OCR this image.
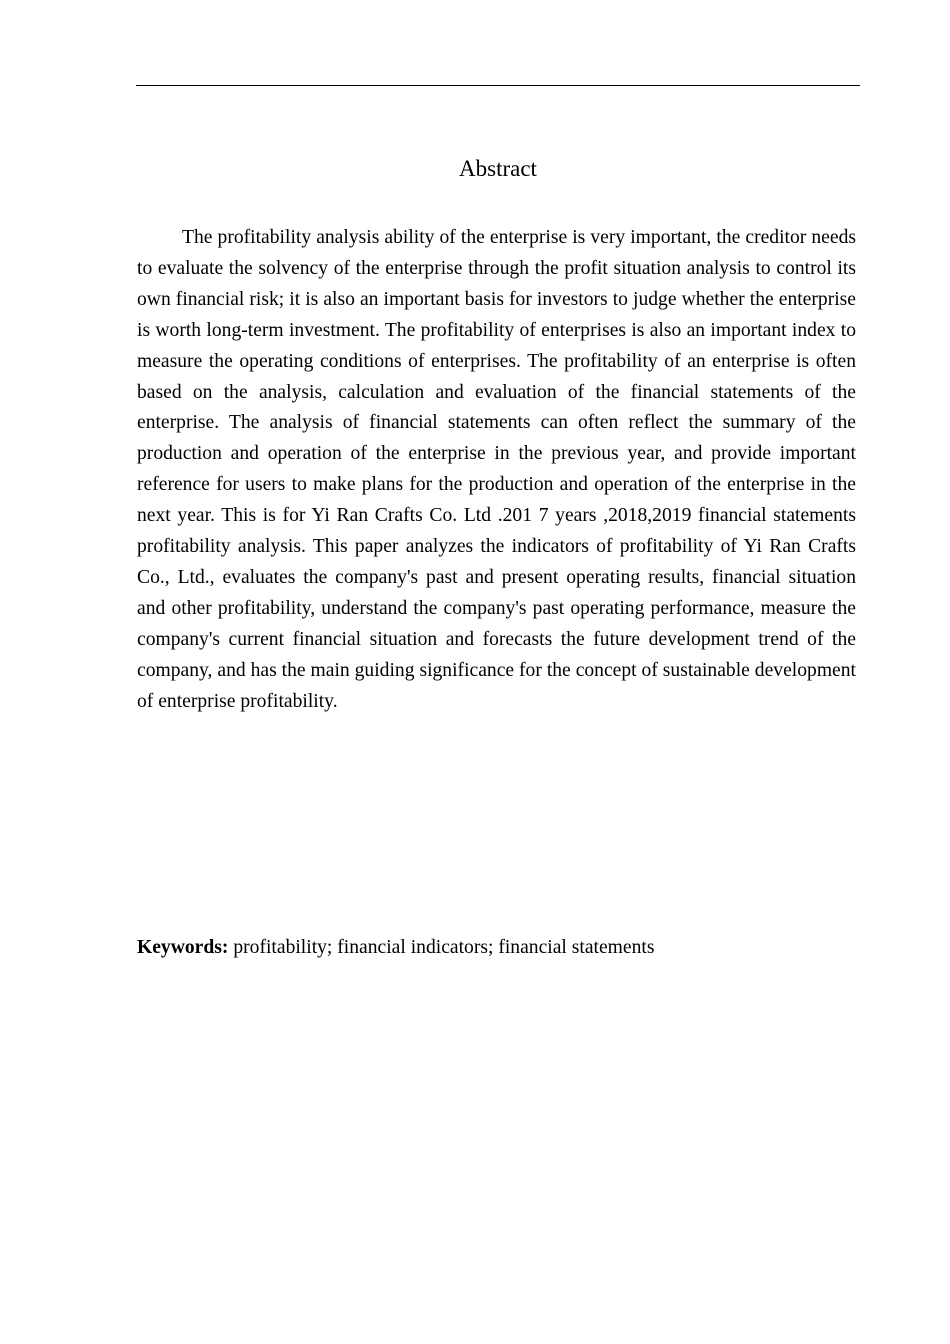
Abstract

The profitability analysis ability of the enterprise is very important, the creditor needs to evaluate the solvency of the enterprise through the profit situation analysis to control its own financial risk; it is also an important basis for investors to judge whether the enterprise is worth long-term investment. The profitability of enterprises is also an important index to measure the operating conditions of enterprises. The profitability of an enterprise is often based on the analysis, calculation and evaluation of the financial statements of the enterprise. The analysis of financial statements can often reflect the summary of the production and operation of the enterprise in the previous year, and provide important reference for users to make plans for the production and operation of the enterprise in the next year. This is for Yi Ran Crafts Co. Ltd .201 7 years ,2018,2019 financial statements profitability analysis. This paper analyzes the indicators of profitability of Yi Ran Crafts Co., Ltd., evaluates the company's past and present operating results, financial situation and other profitability, understand the company's past operating performance, measure the company's current financial situation and forecasts the future development trend of the company, and has the main guiding significance for the concept of sustainable development of enterprise profitability.

Keywords: profitability; financial indicators; financial statements
